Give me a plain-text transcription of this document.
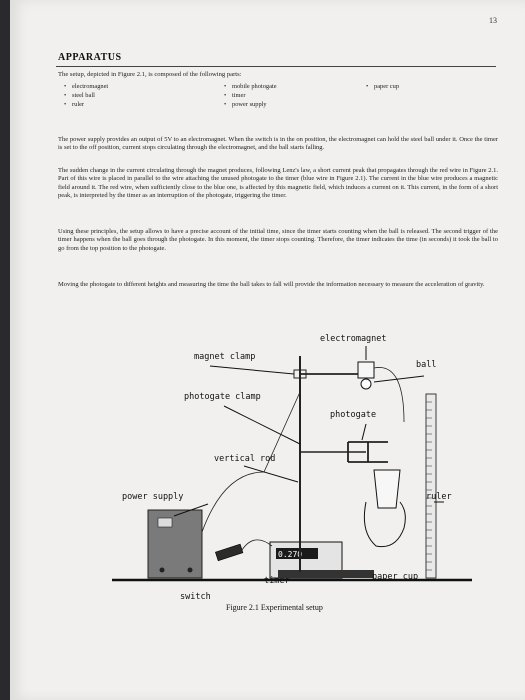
13
APPARATUS
The setup, depicted in Figure 2.1, is composed of the following parts:
• electromagnet
• steel ball
• ruler
• mobile photogate
• timer
• power supply
• paper cup

The power supply provides an output of 5V to an electromagnet. When the switch is in the on position, the electromagnet can hold the steel ball under it. Once the timer is set to the off position, current stops circulating through the electromagnet, and the ball starts falling.

The sudden change in the current circulating through the magnet produces, following Lenz's law, a short current peak that propagates through the red wire in Figure 2.1. Part of this wire is placed in parallel to the wire attaching the unused photogate to the timer (blue wire in Figure 2.1). The current in the blue wire produces a magnetic field around it. The red wire, when sufficiently close to the blue one, is affected by this magnetic field, which induces a current on it. This current, in the form of a short peak, is interpreted by the timer as an interruption of the photogate, triggering the timer.

Using these principles, the setup allows to have a precise account of the initial time, since the timer starts counting when the ball is released. The second trigger of the timer happens when the ball goes through the photogate. In this moment, the timer stops counting. Therefore, the timer indicates the time (in seconds) it took the ball to go from the top position to the photogate.

Moving the photogate to different heights and measuring the time the ball takes to fall will provide the information necessary to measure the acceleration of gravity.

0.270
electromagnet
magnet clamp
ball
photogate clamp
photogate
vertical rod
power supply	ruler
timer	paper cup
switch
Figure 2.1 Experimental setup
